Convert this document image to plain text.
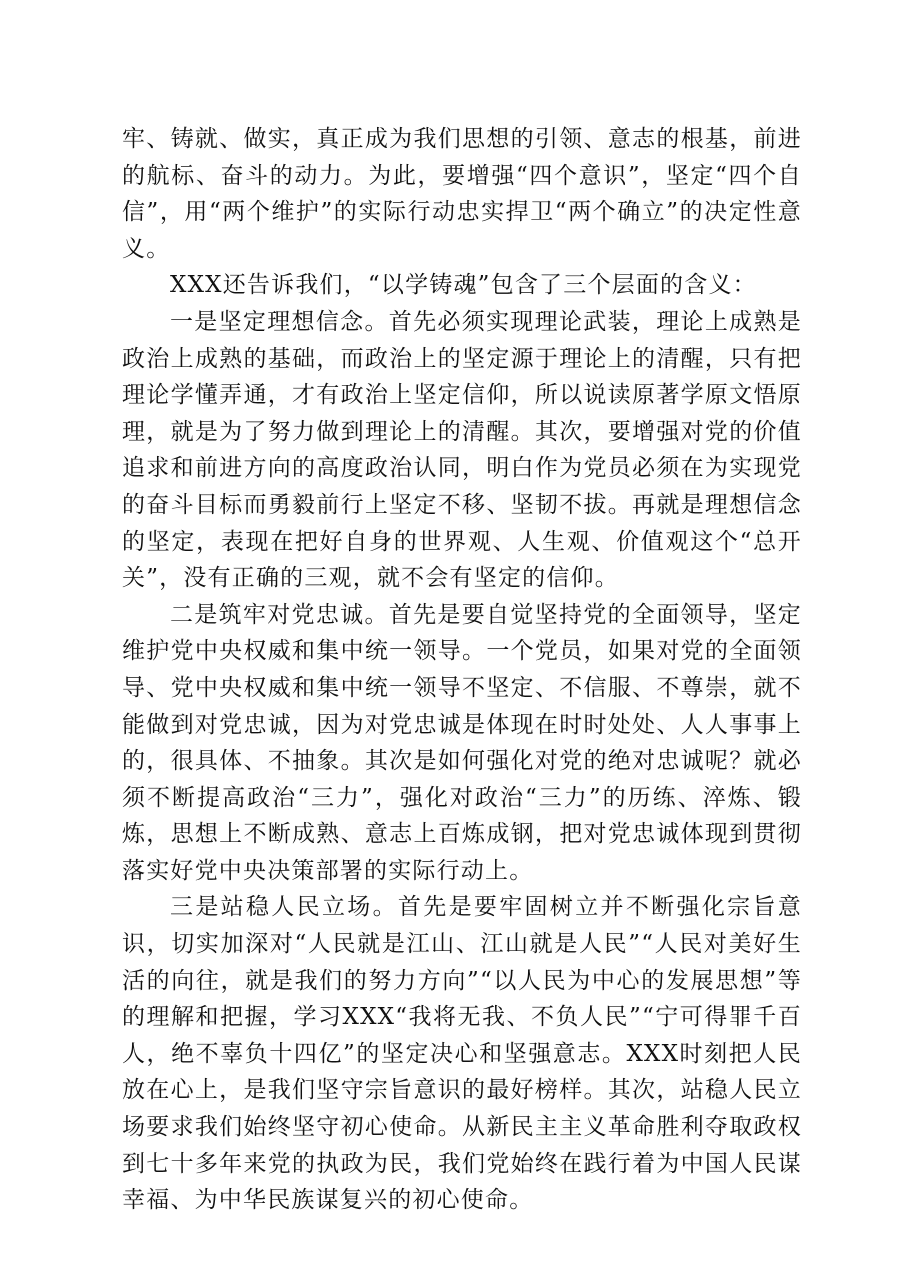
牢、铸就、做实，真正成为我们思想的引领、意志的根基，前进的航标、奋斗的动力。为此，要增强“四个意识”，坚定“四个自信”，用“两个维护”的实际行动忠实捍卫“两个确立”的决定性意义。

XXX还告诉我们，“以学铸魂”包含了三个层面的含义：

一是坚定理想信念。首先必须实现理论武装，理论上成熟是政治上成熟的基础，而政治上的坚定源于理论上的清醒，只有把理论学懂弄通，才有政治上坚定信仰，所以说读原著学原文悟原理，就是为了努力做到理论上的清醒。其次，要增强对党的价值追求和前进方向的高度政治认同，明白作为党员必须在为实现党的奋斗目标而勇毅前行上坚定不移、坚韧不拔。再就是理想信念的坚定，表现在把好自身的世界观、人生观、价值观这个“总开关”，没有正确的三观，就不会有坚定的信仰。

二是筑牢对党忠诚。首先是要自觉坚持党的全面领导，坚定维护党中央权威和集中统一领导。一个党员，如果对党的全面领导、党中央权威和集中统一领导不坚定、不信服、不尊崇，就不能做到对党忠诚，因为对党忠诚是体现在时时处处、人人事事上的，很具体、不抽象。其次是如何强化对党的绝对忠诚呢？就必须不断提高政治“三力”，强化对政治“三力”的历练、淬炼、锻炼，思想上不断成熟、意志上百炼成钢，把对党忠诚体现到贯彻落实好党中央决策部署的实际行动上。

三是站稳人民立场。首先是要牢固树立并不断强化宗旨意识，切实加深对“人民就是江山、江山就是人民”“人民对美好生活的向往，就是我们的努力方向”“以人民为中心的发展思想”等的理解和把握，学习XXX“我将无我、不负人民”“宁可得罪千百人，绝不辜负十四亿”的坚定决心和坚强意志。XXX时刻把人民放在心上，是我们坚守宗旨意识的最好榜样。其次，站稳人民立场要求我们始终坚守初心使命。从新民主主义革命胜利夺取政权到七十多年来党的执政为民，我们党始终在践行着为中国人民谋幸福、为中华民族谋复兴的初心使命。
